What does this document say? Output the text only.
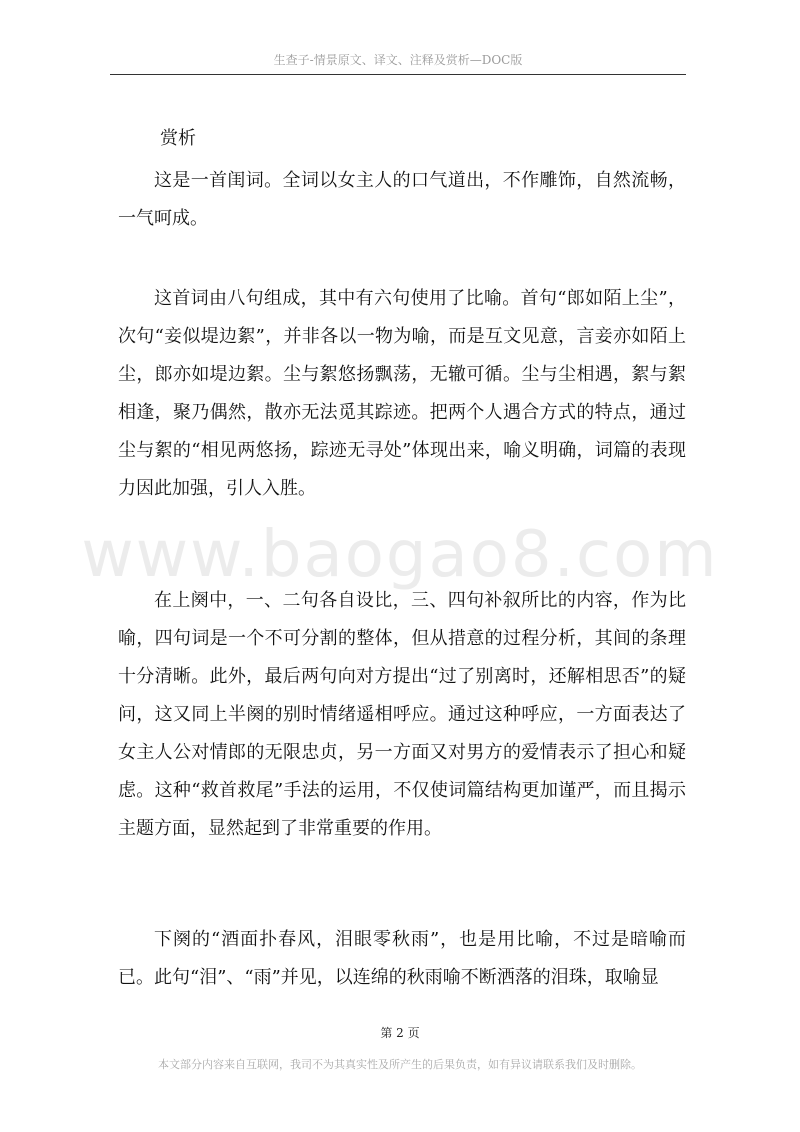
生查子-情景原文、译文、注释及赏析—DOC版
www.baogao8.com
赏析
这是一首闺词。全词以女主人的口气道出，不作雕饰，自然流畅，一气呵成。
这首词由八句组成，其中有六句使用了比喻。首句“郎如陌上尘”，次句“妾似堤边絮”，并非各以一物为喻，而是互文见意，言妾亦如陌上尘，郎亦如堤边絮。尘与絮悠扬飘荡，无辙可循。尘与尘相遇，絮与絮相逢，聚乃偶然，散亦无法觅其踪迹。把两个人遇合方式的特点，通过尘与絮的“相见两悠扬，踪迹无寻处”体现出来，喻义明确，词篇的表现力因此加强，引人入胜。
在上阕中，一、二句各自设比，三、四句补叙所比的内容，作为比喻，四句词是一个不可分割的整体，但从措意的过程分析，其间的条理十分清晰。此外，最后两句向对方提出“过了别离时，还解相思否”的疑问，这又同上半阕的别时情绪遥相呼应。通过这种呼应，一方面表达了女主人公对情郎的无限忠贞，另一方面又对男方的爱情表示了担心和疑虑。这种“救首救尾”手法的运用，不仅使词篇结构更加谨严，而且揭示主题方面，显然起到了非常重要的作用。
下阕的“酒面扑春风，泪眼零秋雨”，也是用比喻，不过是暗喻而已。此句“泪”、“雨”并见，以连绵的秋雨喻不断洒落的泪珠，取喻显
第 2 页
本文部分内容来自互联网，我司不为其真实性及所产生的后果负责，如有异议请联系我们及时删除。
